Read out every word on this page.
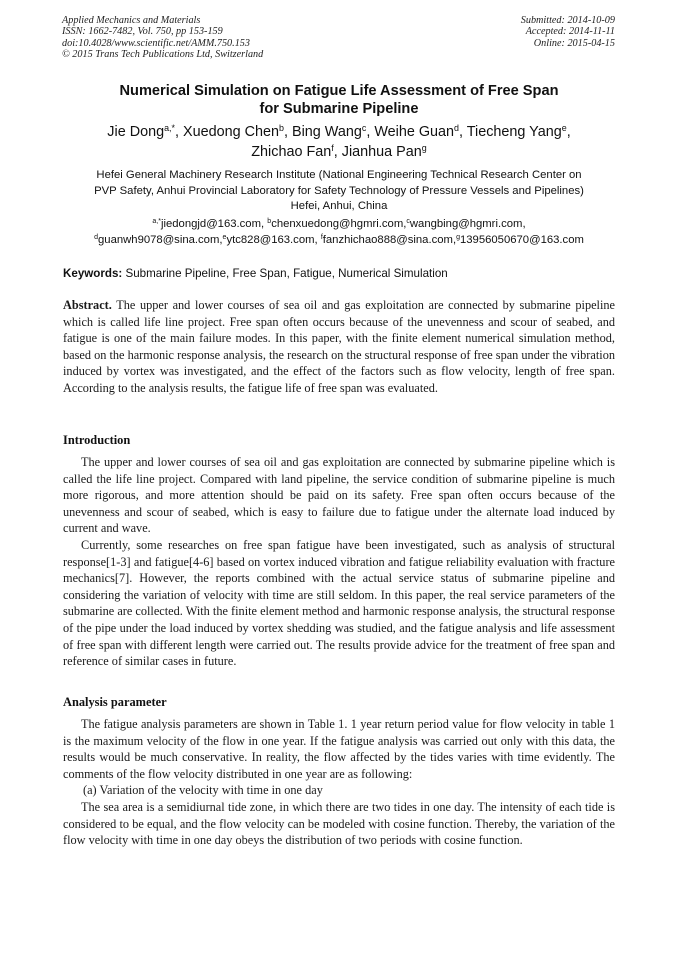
Applied Mechanics and Materials
ISSN: 1662-7482, Vol. 750, pp 153-159
doi:10.4028/www.scientific.net/AMM.750.153
© 2015 Trans Tech Publications Ltd, Switzerland
Submitted: 2014-10-09
Accepted: 2014-11-11
Online: 2015-04-15
Numerical Simulation on Fatigue Life Assessment of Free Span
for Submarine Pipeline
Jie Dong$^{a,*}$, Xuedong Chen$^b$, Bing Wang$^c$, Weihe Guan$^d$, Tiecheng Yang$^e$,
Zhichao Fan$^f$, Jianhua Pan$^g$
Hefei General Machinery Research Institute (National Engineering Technical Research Center on
PVP Safety, Anhui Provincial Laboratory for Safety Technology of Pressure Vessels and Pipelines)
Hefei, Anhui, China
$^{a,*}$jiedongjd@163.com, $^b$chenxuedong@hgmri.com,$^c$wangbing@hgmri.com,
$^d$guanwh9078@sina.com,$^e$ytc828@163.com, $^f$fanzhichao888@sina.com,$^g$13956050670@163.com
Keywords: Submarine Pipeline, Free Span, Fatigue, Numerical Simulation
Abstract. The upper and lower courses of sea oil and gas exploitation are connected by submarine pipeline which is called life line project. Free span often occurs because of the unevenness and scour of seabed, and fatigue is one of the main failure modes. In this paper, with the finite element numerical simulation method, based on the harmonic response analysis, the research on the structural response of free span under the vibration induced by vortex was investigated, and the effect of the factors such as flow velocity, length of free span. According to the analysis results, the fatigue life of free span was evaluated.
Introduction

The upper and lower courses of sea oil and gas exploitation are connected by submarine pipeline which is called the life line project. Compared with land pipeline, the service condition of submarine pipeline is much more rigorous, and more attention should be paid on its safety. Free span often occurs because of the unevenness and scour of seabed, which is easy to failure due to fatigue under the alternate load induced by current and wave.

Currently, some researches on free span fatigue have been investigated, such as analysis of structural response[1-3] and fatigue[4-6] based on vortex induced vibration and fatigue reliability evaluation with fracture mechanics[7]. However, the reports combined with the actual service status of submarine pipeline and considering the variation of velocity with time are still seldom. In this paper, the real service parameters of the submarine are collected. With the finite element method and harmonic response analysis, the structural response of the pipe under the load induced by vortex shedding was studied, and the fatigue analysis and life assessment of free span with different length were carried out. The results provide advice for the treatment of free span and reference of similar cases in future.

Analysis parameter

The fatigue analysis parameters are shown in Table 1. 1 year return period value for flow velocity in table 1 is the maximum velocity of the flow in one year. If the fatigue analysis was carried out only with this data, the results would be much conservative. In reality, the flow affected by the tides varies with time evidently. The comments of the flow velocity distributed in one year are as following:

(a) Variation of the velocity with time in one day

The sea area is a semidiurnal tide zone, in which there are two tides in one day. The intensity of each tide is considered to be equal, and the flow velocity can be modeled with cosine function. Thereby, the variation of the flow velocity with time in one day obeys the distribution of two periods with cosine function.
